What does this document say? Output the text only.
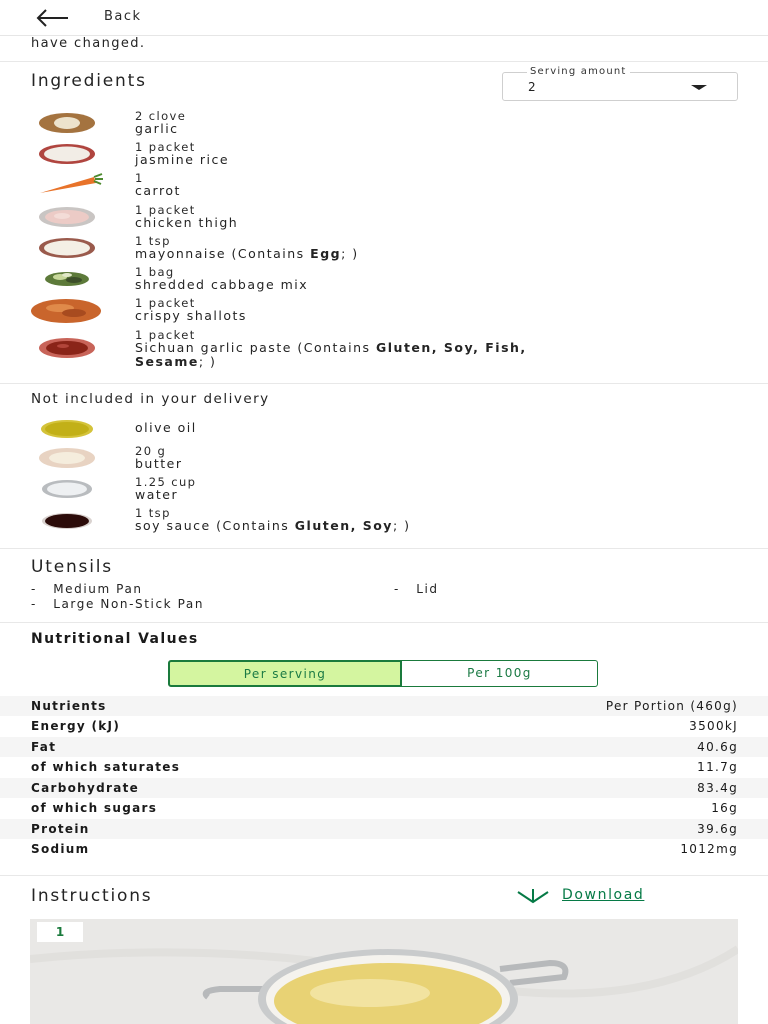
Back
have changed.
Ingredients	Serving amount
2
2 clove
garlic
1 packet
jasmine rice
1
carrot
1 packet
chicken thigh
1 tsp
mayonnaise (Contains Egg; )
1 bag
shredded cabbage mix
1 packet
crispy shallots
1 packet
Sichuan garlic paste (Contains Gluten, Soy, Fish,
Sesame; )
Not included in your delivery
olive oil
20 g
butter
1.25 cup
water
1 tsp
soy sauce (Contains Gluten, Soy; )
Utensils
-   Medium Pan	-   Lid
-   Large Non-Stick Pan
Nutritional Values
Per serving	Per 100g
Nutrients	Per Portion (460g)
Energy (kJ)	3500kJ
Fat	40.6g
of which saturates	11.7g
Carbohydrate	83.4g
of which sugars	16g
Protein	39.6g
Sodium	1012mg
Instructions	Download
1
